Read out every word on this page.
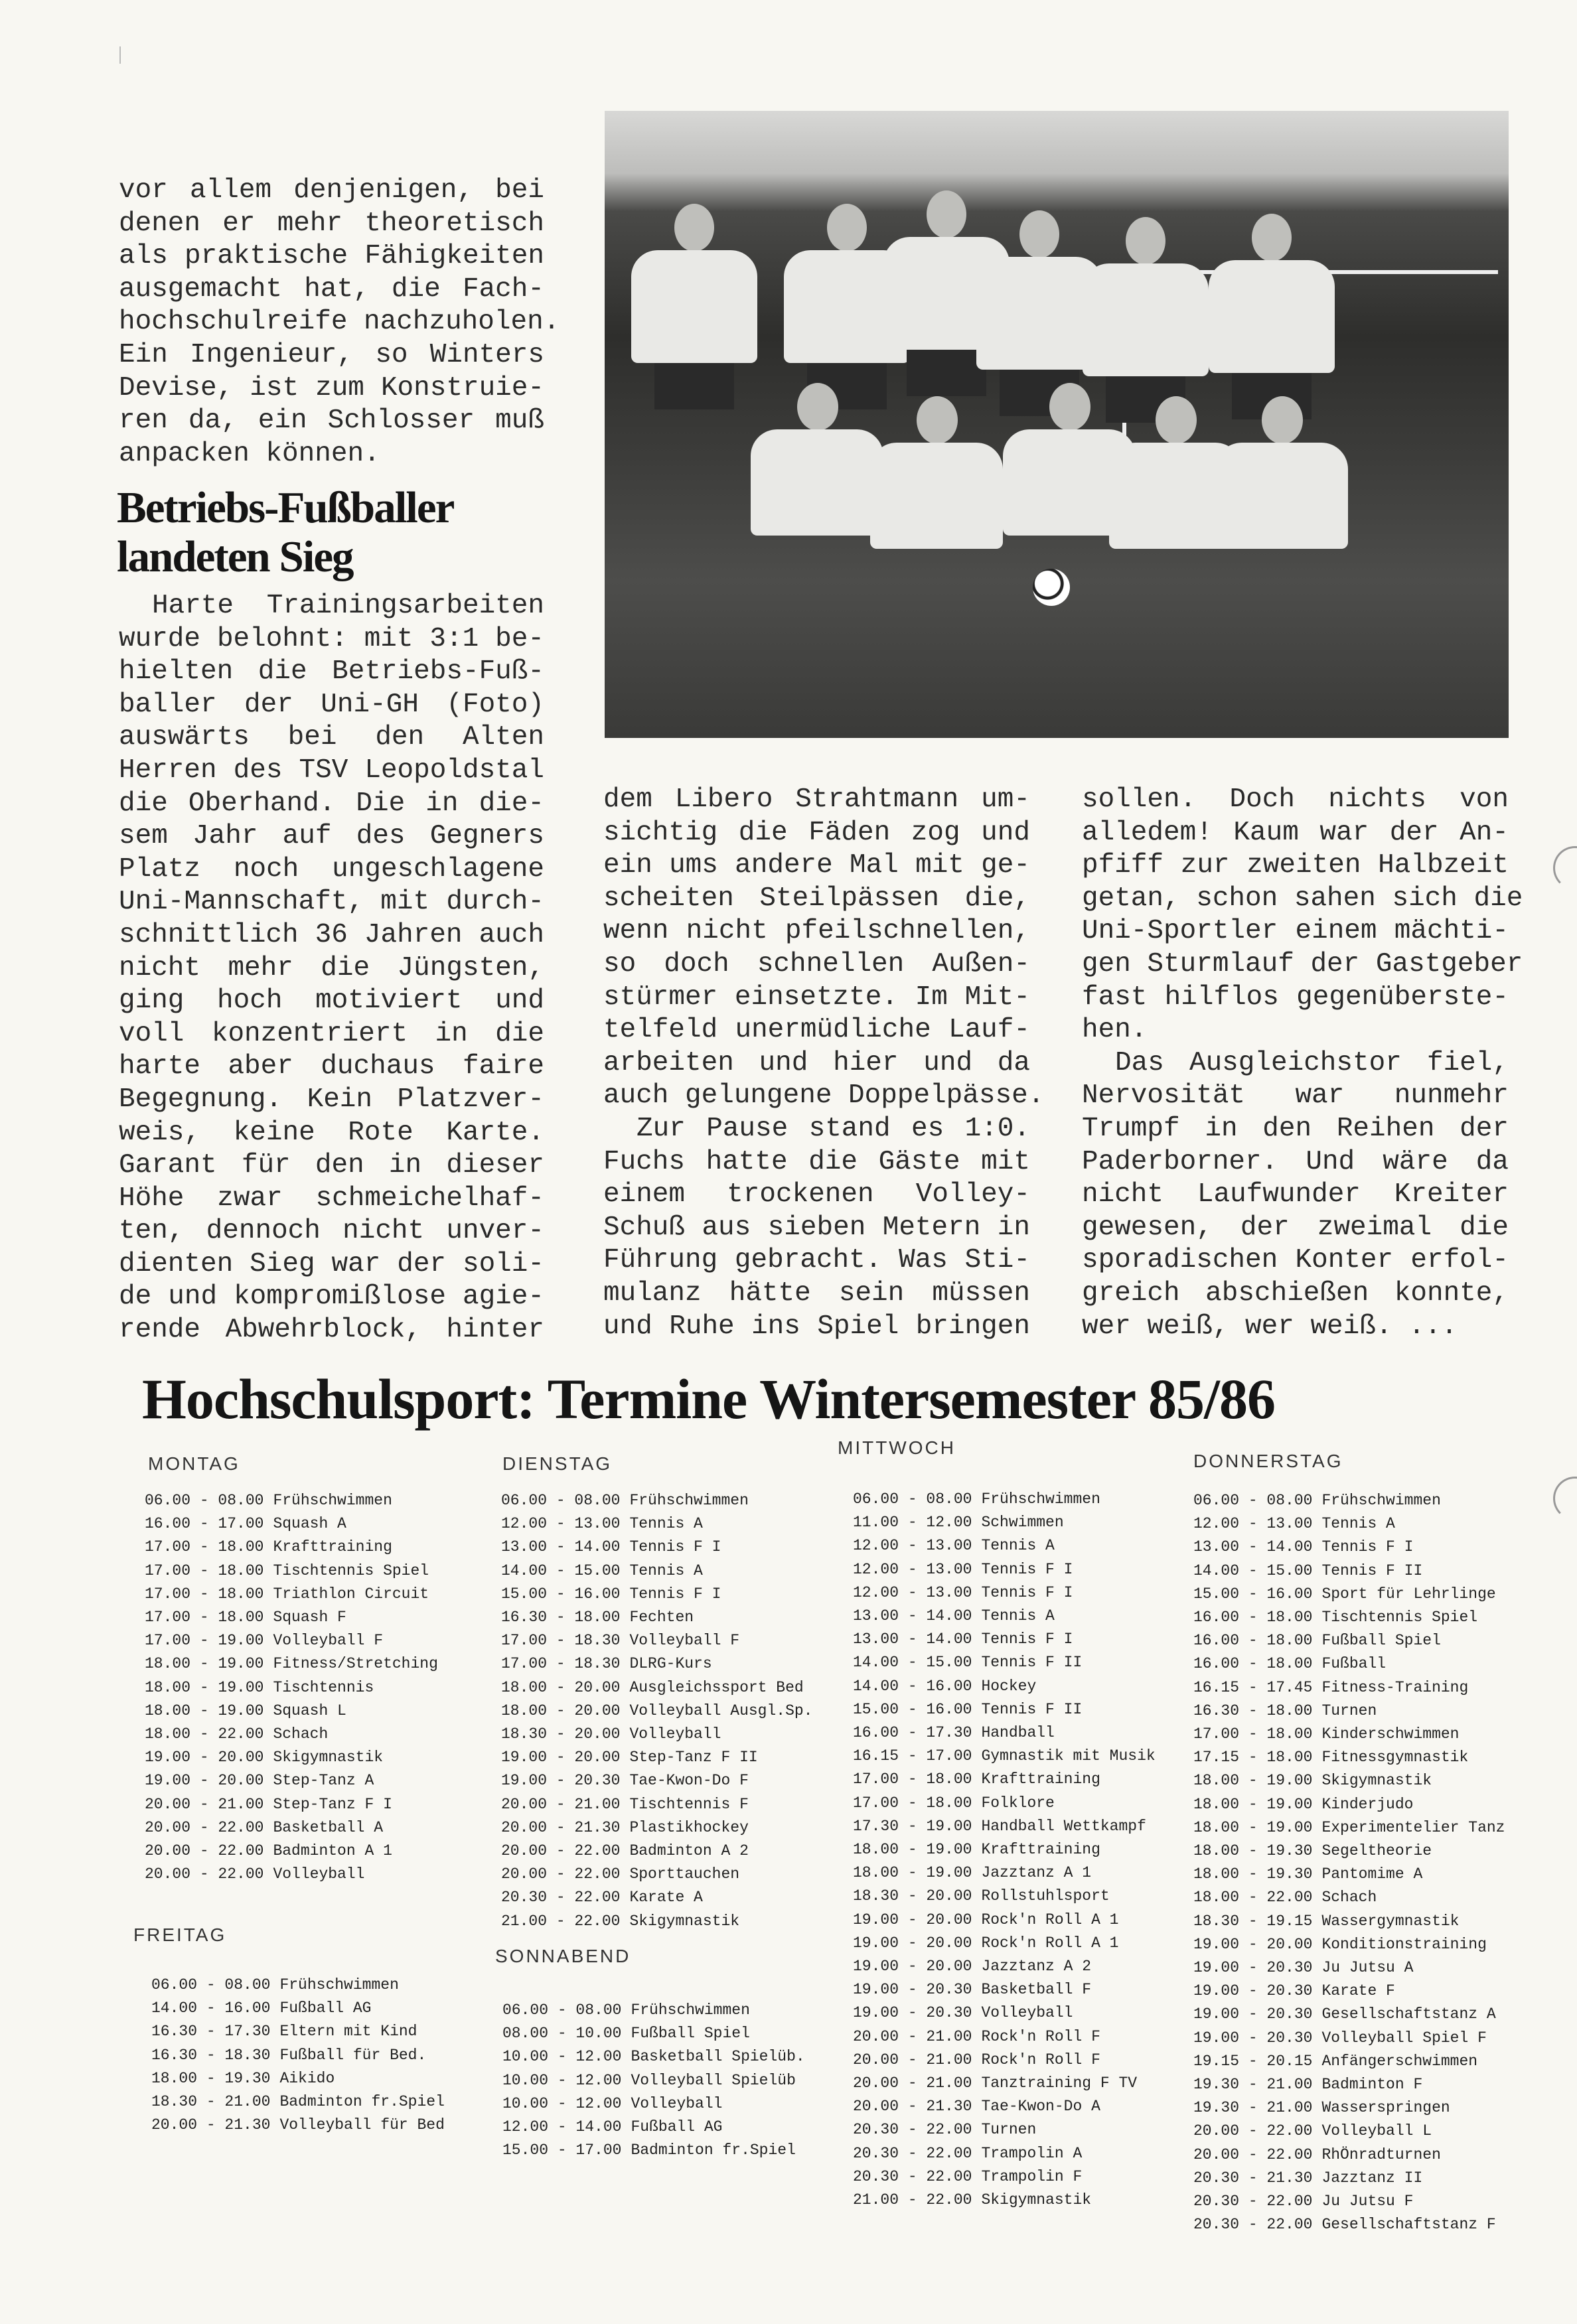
vor allem denjenigen, bei
denen er mehr theoretisch
als praktische Fähigkeiten
ausgemacht hat, die Fach-
hochschulreife nachzuholen.
Ein Ingenieur, so Winters
Devise, ist zum Konstruie-
ren da, ein Schlosser muß
anpacken können.
Betriebs-Fußballer
landeten Sieg
Harte Trainingsarbeiten
wurde belohnt: mit 3:1 be-
hielten die Betriebs-Fuß-
baller der Uni-GH (Foto)
auswärts bei den Alten
Herren des TSV Leopoldstal
die Oberhand. Die in die-
sem Jahr auf des Gegners
Platz noch ungeschlagene
Uni-Mannschaft, mit durch-
schnittlich 36 Jahren auch
nicht mehr die Jüngsten,
ging hoch motiviert und
voll konzentriert in die
harte aber duchaus faire
Begegnung. Kein Platzver-
weis, keine Rote Karte.
Garant für den in dieser
Höhe zwar schmeichelhaf-
ten, dennoch nicht unver-
dienten Sieg war der soli-
de und kompromißlose agie-
rende Abwehrblock, hinter
dem Libero Strahtmann um-
sichtig die Fäden zog und
ein ums andere Mal mit ge-
scheiten Steilpässen die,
wenn nicht pfeilschnellen,
so doch schnellen Außen-
stürmer einsetzte. Im Mit-
telfeld unermüdliche Lauf-
arbeiten und hier und da
auch gelungene Doppelpässe.
Zur Pause stand es 1:0.
Fuchs hatte die Gäste mit
einem trockenen Volley-
Schuß aus sieben Metern in
Führung gebracht. Was Sti-
mulanz hätte sein müssen
und Ruhe ins Spiel bringen
sollen. Doch nichts von
alledem! Kaum war der An-
pfiff zur zweiten Halbzeit
getan, schon sahen sich die
Uni-Sportler einem mächti-
gen Sturmlauf der Gastgeber
fast hilflos gegenüberste-
hen.
Das Ausgleichstor fiel,
Nervosität war nunmehr
Trumpf in den Reihen der
Paderborner. Und wäre da
nicht Laufwunder Kreiter
gewesen, der zweimal die
sporadischen Konter erfol-
greich abschießen konnte,
wer weiß, wer weiß. ...
Hochschulsport: Termine Wintersemester 85/86
MONTAG
06.00 - 08.00 Frühschwimmen
16.00 - 17.00 Squash A
17.00 - 18.00 Krafttraining
17.00 - 18.00 Tischtennis Spiel
17.00 - 18.00 Triathlon Circuit
17.00 - 18.00 Squash F
17.00 - 19.00 Volleyball F
18.00 - 19.00 Fitness/Stretching
18.00 - 19.00 Tischtennis
18.00 - 19.00 Squash L
18.00 - 22.00 Schach
19.00 - 20.00 Skigymnastik
19.00 - 20.00 Step-Tanz A
20.00 - 21.00 Step-Tanz F I
20.00 - 22.00 Basketball A
20.00 - 22.00 Badminton A 1
20.00 - 22.00 Volleyball
DIENSTAG
06.00 - 08.00 Frühschwimmen
12.00 - 13.00 Tennis A
13.00 - 14.00 Tennis F I
14.00 - 15.00 Tennis A
15.00 - 16.00 Tennis F I
16.30 - 18.00 Fechten
17.00 - 18.30 Volleyball F
17.00 - 18.30 DLRG-Kurs
18.00 - 20.00 Ausgleichssport Bed
18.00 - 20.00 Volleyball Ausgl.Sp.
18.30 - 20.00 Volleyball
19.00 - 20.00 Step-Tanz F II
19.00 - 20.30 Tae-Kwon-Do F
20.00 - 21.00 Tischtennis F
20.00 - 21.30 Plastikhockey
20.00 - 22.00 Badminton A 2
20.00 - 22.00 Sporttauchen
20.30 - 22.00 Karate A
21.00 - 22.00 Skigymnastik
MITTWOCH
06.00 - 08.00 Frühschwimmen
11.00 - 12.00 Schwimmen
12.00 - 13.00 Tennis A
12.00 - 13.00 Tennis F I
12.00 - 13.00 Tennis F I
13.00 - 14.00 Tennis A
13.00 - 14.00 Tennis F I
14.00 - 15.00 Tennis F II
14.00 - 16.00 Hockey
15.00 - 16.00 Tennis F II
16.00 - 17.30 Handball
16.15 - 17.00 Gymnastik mit Musik
17.00 - 18.00 Krafttraining
17.00 - 18.00 Folklore
17.30 - 19.00 Handball Wettkampf
18.00 - 19.00 Krafttraining
18.00 - 19.00 Jazztanz A 1
18.30 - 20.00 Rollstuhlsport
19.00 - 20.00 Rock'n Roll A 1
19.00 - 20.00 Rock'n Roll A 1
19.00 - 20.00 Jazztanz A 2
19.00 - 20.30 Basketball F
19.00 - 20.30 Volleyball
20.00 - 21.00 Rock'n Roll F
20.00 - 21.00 Rock'n Roll F
20.00 - 21.00 Tanztraining F TV
20.00 - 21.30 Tae-Kwon-Do A
20.30 - 22.00 Turnen
20.30 - 22.00 Trampolin A
20.30 - 22.00 Trampolin F
21.00 - 22.00 Skigymnastik
DONNERSTAG
06.00 - 08.00 Frühschwimmen
12.00 - 13.00 Tennis A
13.00 - 14.00 Tennis F I
14.00 - 15.00 Tennis F II
15.00 - 16.00 Sport für Lehrlinge
16.00 - 18.00 Tischtennis Spiel
16.00 - 18.00 Fußball Spiel
16.00 - 18.00 Fußball
16.15 - 17.45 Fitness-Training
16.30 - 18.00 Turnen
17.00 - 18.00 Kinderschwimmen
17.15 - 18.00 Fitnessgymnastik
18.00 - 19.00 Skigymnastik
18.00 - 19.00 Kinderjudo
18.00 - 19.00 Experimentelier Tanz
18.00 - 19.30 Segeltheorie
18.00 - 19.30 Pantomime A
18.00 - 22.00 Schach
18.30 - 19.15 Wassergymnastik
19.00 - 20.00 Konditionstraining
19.00 - 20.30 Ju Jutsu A
19.00 - 20.30 Karate F
19.00 - 20.30 Gesellschaftstanz A
19.00 - 20.30 Volleyball Spiel F
19.15 - 20.15 Anfängerschwimmen
19.30 - 21.00 Badminton F
19.30 - 21.00 Wasserspringen
20.00 - 22.00 Volleyball L
20.00 - 22.00 RhÖnradturnen
20.30 - 21.30 Jazztanz II
20.30 - 22.00 Ju Jutsu F
20.30 - 22.00 Gesellschaftstanz F
FREITAG
06.00 - 08.00 Frühschwimmen
14.00 - 16.00 Fußball AG
16.30 - 17.30 Eltern mit Kind
16.30 - 18.30 Fußball für Bed.
18.00 - 19.30 Aikido
18.30 - 21.00 Badminton fr.Spiel
20.00 - 21.30 Volleyball für Bed
SONNABEND
06.00 - 08.00 Frühschwimmen
08.00 - 10.00 Fußball Spiel
10.00 - 12.00 Basketball Spielüb.
10.00 - 12.00 Volleyball Spielüb
10.00 - 12.00 Volleyball
12.00 - 14.00 Fußball AG
15.00 - 17.00 Badminton fr.Spiel
